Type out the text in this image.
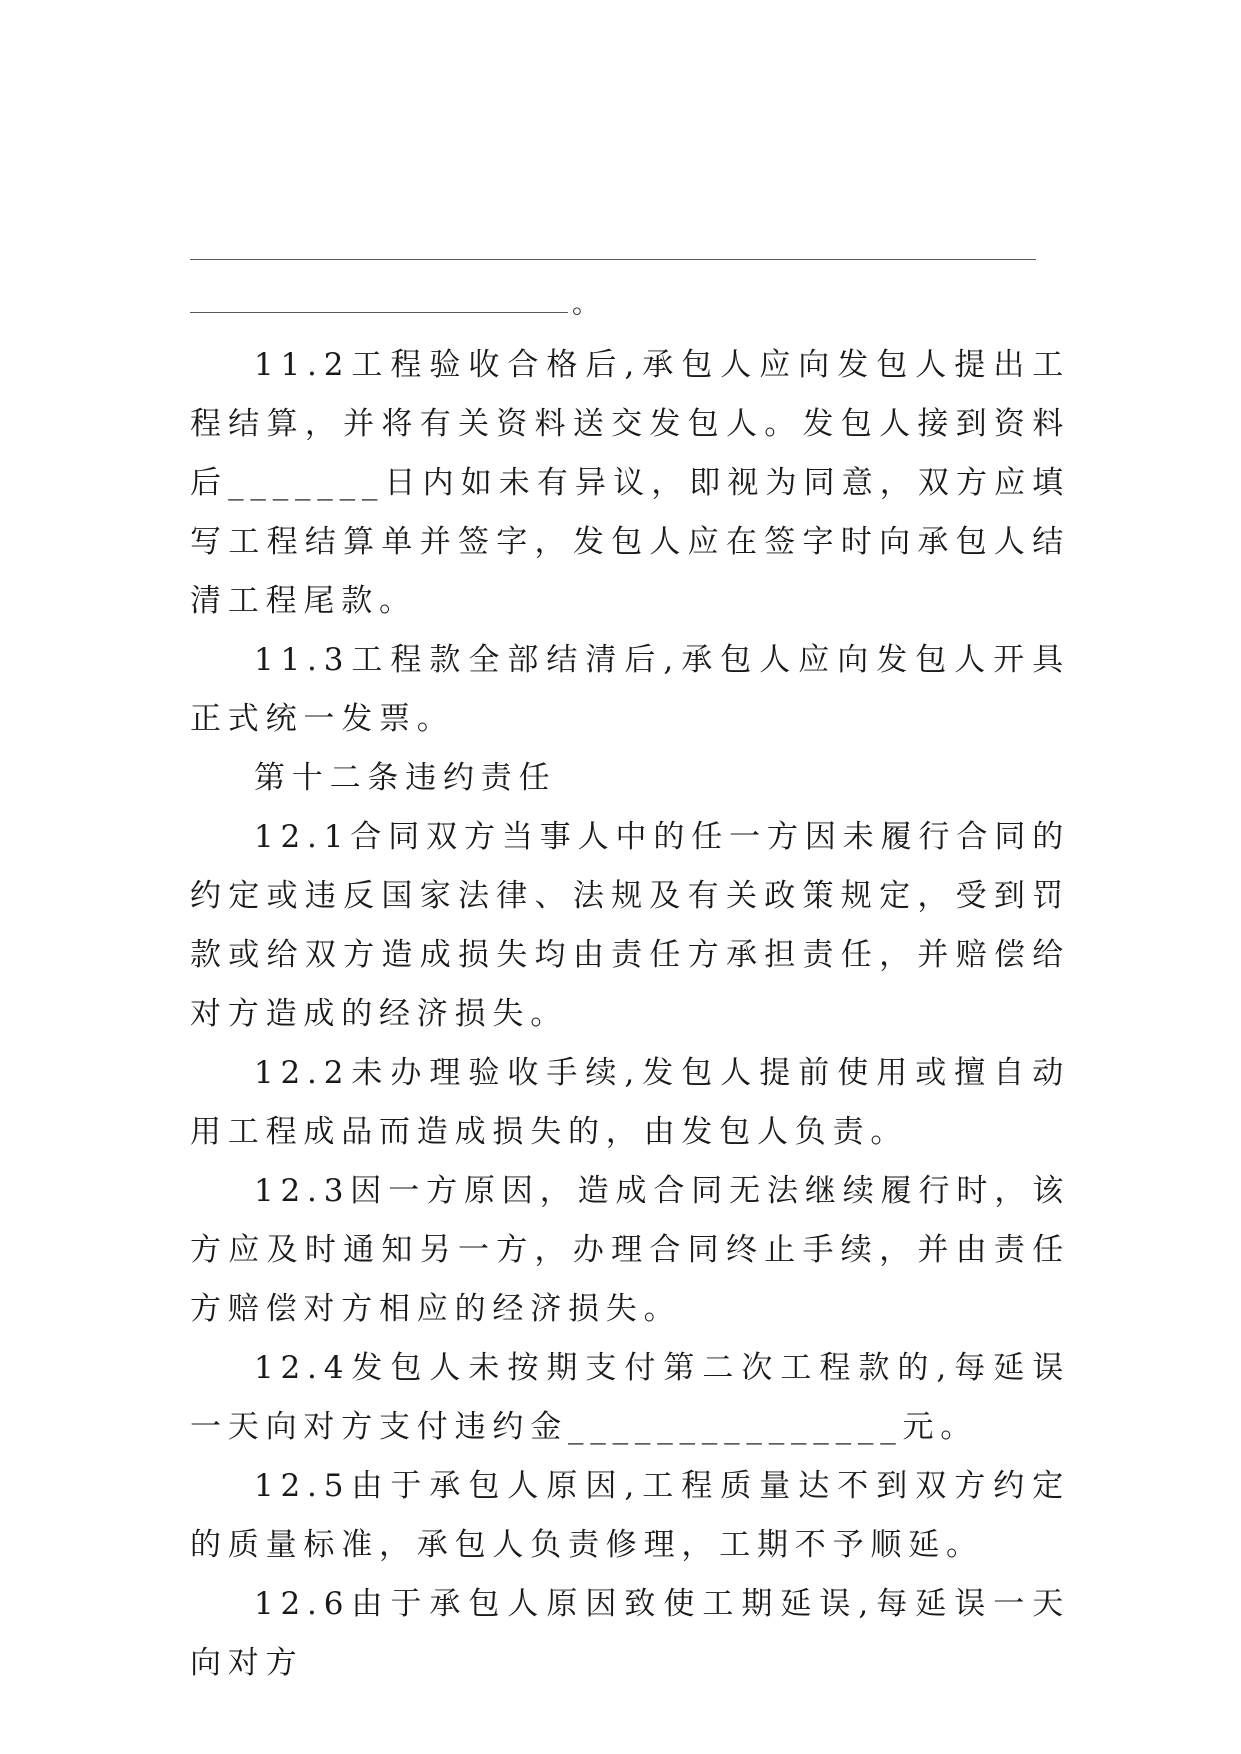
。

11.2工程验收合格后,承包人应向发包人提出工程结算，并将有关资料送交发包人。发包人接到资料后_______日内如未有异议，即视为同意，双方应填写工程结算单并签字，发包人应在签字时向承包人结清工程尾款。

11.3工程款全部结清后,承包人应向发包人开具正式统一发票。

第十二条违约责任

12.1合同双方当事人中的任一方因未履行合同的约定或违反国家法律、法规及有关政策规定，受到罚款或给双方造成损失均由责任方承担责任，并赔偿给对方造成的经济损失。

12.2未办理验收手续,发包人提前使用或擅自动用工程成品而造成损失的，由发包人负责。

12.3因一方原因，造成合同无法继续履行时，该方应及时通知另一方，办理合同终止手续，并由责任方赔偿对方相应的经济损失。

12.4发包人未按期支付第二次工程款的,每延误一天向对方支付违约金_______________元。

12.5由于承包人原因,工程质量达不到双方约定的质量标准，承包人负责修理，工期不予顺延。

12.6由于承包人原因致使工期延误,每延误一天向对方
